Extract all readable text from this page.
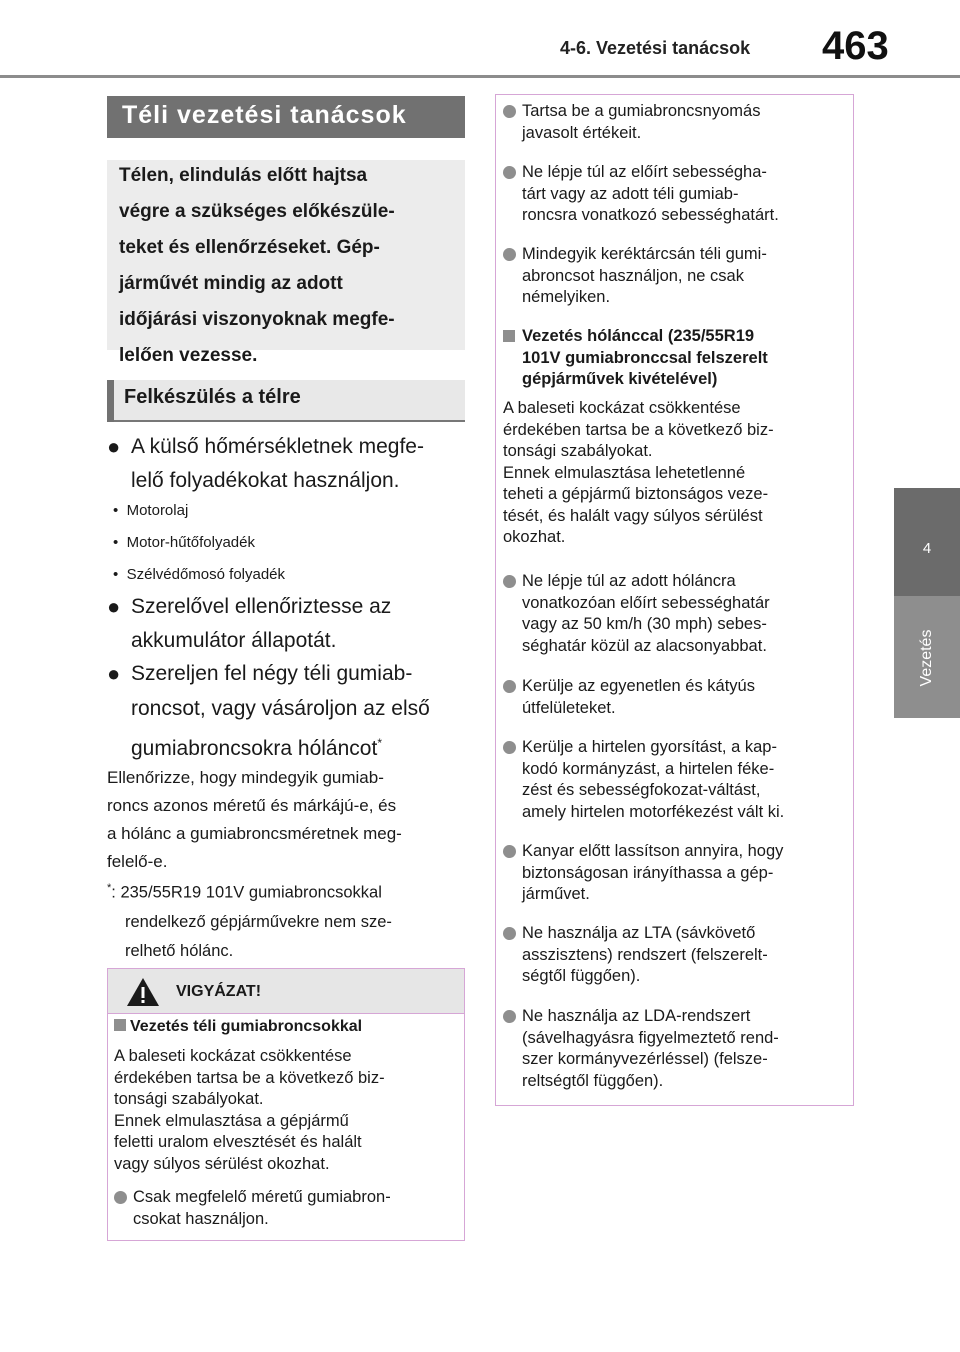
4-6. Vezetési tanácsok	463
4
Vezetés
Téli vezetési tanácsok
Télen, elindulás előtt hajtsa
végre a szükséges előkészüle-
teket és ellenőrzéseket. Gép-
járművét mindig az adott
időjárási viszonyoknak megfe-
lelően vezesse.
Felkészülés a télre
● A külső hőmérsékletnek megfe-
lelő folyadékokat használjon.
•  Motorolaj
•  Motor-hűtőfolyadék
•  Szélvédőmosó folyadék
● Szerelővel ellenőriztesse az
akkumulátor állapotát.
● Szereljen fel négy téli gumiab-
roncsot, vagy vásároljon az első
gumiabroncsokra hóláncot*
Ellenőrizze, hogy mindegyik gumiab-
roncs azonos méretű és márkájú-e, és
a hólánc a gumiabroncsméretnek meg-
felelő-e.
*: 235/55R19 101V gumiabroncsokkal
rendelkező gépjárművekre nem sze-
relhető hólánc.
VIGYÁZAT!
Vezetés téli gumiabroncsokkal
A baleseti kockázat csökkentése
érdekében tartsa be a következő biz-
tonsági szabályokat.
Ennek elmulasztása a gépjármű
feletti uralom elvesztését és halált
vagy súlyos sérülést okozhat.
Csak megfelelő méretű gumiabron-
csokat használjon.
Tartsa be a gumiabroncsnyomás
javasolt értékeit.
Ne lépje túl az előírt sebességha-
tárt vagy az adott téli gumiab-
roncsra vonatkozó sebességhatárt.
Mindegyik keréktárcsán téli gumi-
abroncsot használjon, ne csak
némelyiken.
Vezetés hólánccal (235/55R19
101V gumiabronccsal felszerelt
gépjárművek kivételével)
A baleseti kockázat csökkentése
érdekében tartsa be a következő biz-
tonsági szabályokat.
Ennek elmulasztása lehetetlenné
teheti a gépjármű biztonságos veze-
tését, és halált vagy súlyos sérülést
okozhat.
Ne lépje túl az adott hóláncra
vonatkozóan előírt sebességhatár
vagy az 50 km/h (30 mph) sebes-
séghatár közül az alacsonyabbat.
Kerülje az egyenetlen és kátyús
útfelületeket.
Kerülje a hirtelen gyorsítást, a kap-
kodó kormányzást, a hirtelen féke-
zést és sebességfokozat-váltást,
amely hirtelen motorfékezést vált ki.
Kanyar előtt lassítson annyira, hogy
biztonságosan irányíthassa a gép-
járművet.
Ne használja az LTA (sávkövető
asszisztens) rendszert (felszerelt-
ségtől függően).
Ne használja az LDA-rendszert
(sávelhagyásra figyelmeztető rend-
szer kormányvezérléssel) (felsze-
reltségtől függően).
